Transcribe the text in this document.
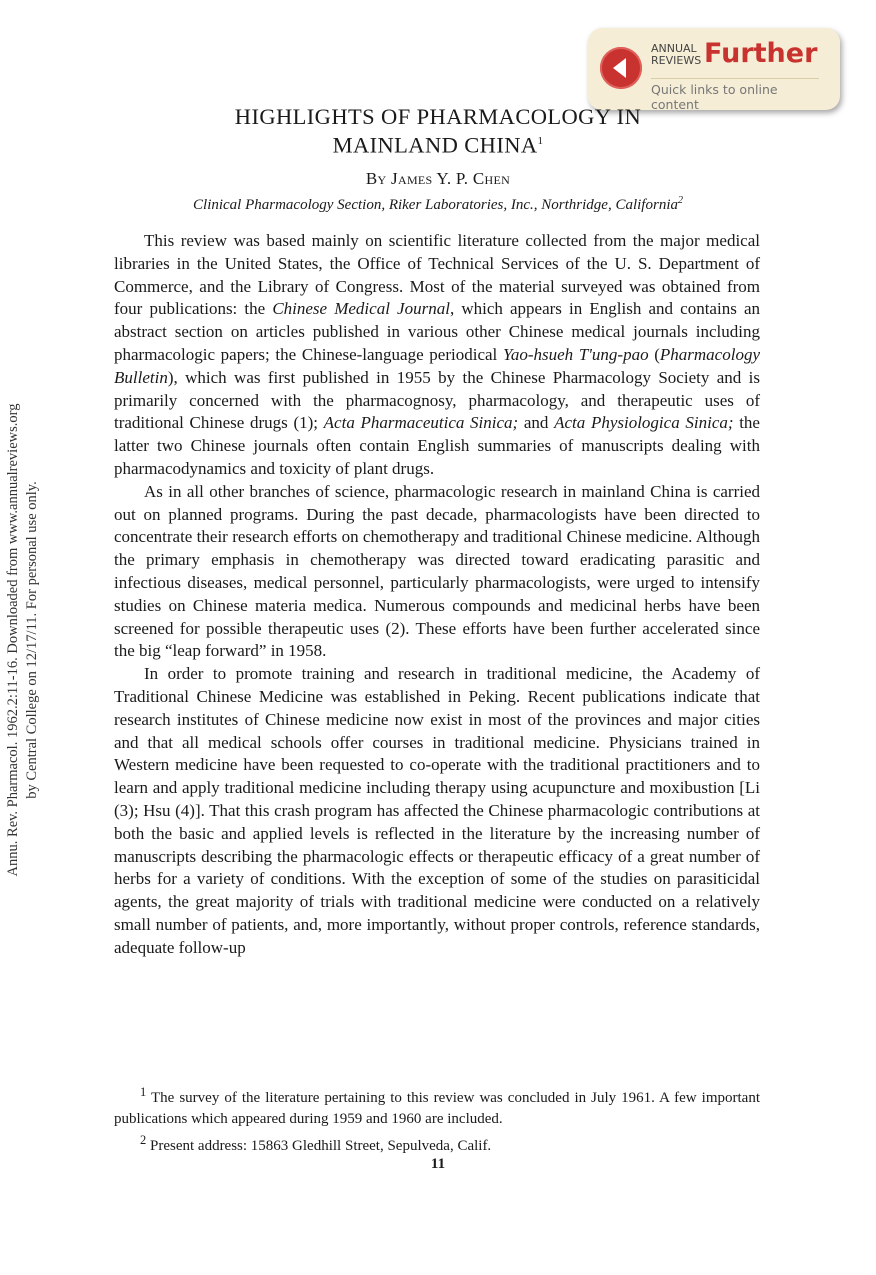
Annu. Rev. Pharmacol. 1962.2:11-16. Downloaded from www.annualreviews.org by Central College on 12/17/11. For personal use only.
ANNUAL
REVIEWS Further
Quick links to online content
HIGHLIGHTS OF PHARMACOLOGY IN
MAINLAND CHINA$^1$
By James Y. P. Chen
Clinical Pharmacology Section, Riker Laboratories, Inc., Northridge, California$^2$

This review was based mainly on scientific literature collected from the major medical libraries in the United States, the Office of Technical Services of the U. S. Department of Commerce, and the Library of Congress. Most of the material surveyed was obtained from four publications: the Chinese Medical Journal, which appears in English and contains an abstract section on articles published in various other Chinese medical journals including pharmacologic papers; the Chinese-language periodical Yao-hsueh T'ung-pao (Pharmacology Bulletin), which was first published in 1955 by the Chinese Pharmacology Society and is primarily concerned with the pharmacognosy, pharmacology, and therapeutic uses of traditional Chinese drugs (1); Acta Pharmaceutica Sinica; and Acta Physiologica Sinica; the latter two Chinese journals often contain English summaries of manuscripts dealing with pharmacodynamics and toxicity of plant drugs.

As in all other branches of science, pharmacologic research in mainland China is carried out on planned programs. During the past decade, pharmacologists have been directed to concentrate their research efforts on chemotherapy and traditional Chinese medicine. Although the primary emphasis in chemotherapy was directed toward eradicating parasitic and infectious diseases, medical personnel, particularly pharmacologists, were urged to intensify studies on Chinese materia medica. Numerous compounds and medicinal herbs have been screened for possible therapeutic uses (2). These efforts have been further accelerated since the big “leap forward” in 1958.

In order to promote training and research in traditional medicine, the Academy of Traditional Chinese Medicine was established in Peking. Recent publications indicate that research institutes of Chinese medicine now exist in most of the provinces and major cities and that all medical schools offer courses in traditional medicine. Physicians trained in Western medicine have been requested to co-operate with the traditional practitioners and to learn and apply traditional medicine including therapy using acupuncture and moxibustion [Li (3); Hsu (4)]. That this crash program has affected the Chinese pharmacologic contributions at both the basic and applied levels is reflected in the literature by the increasing number of manuscripts describing the pharmacologic effects or therapeutic efficacy of a great number of herbs for a variety of conditions. With the exception of some of the studies on parasiticidal agents, the great majority of trials with traditional medicine were conducted on a relatively small number of patients, and, more importantly, without proper controls, reference standards, adequate follow-up

$^1$ The survey of the literature pertaining to this review was concluded in July 1961. A few important publications which appeared during 1959 and 1960 are included.

$^2$ Present address: 15863 Gledhill Street, Sepulveda, Calif.

11
